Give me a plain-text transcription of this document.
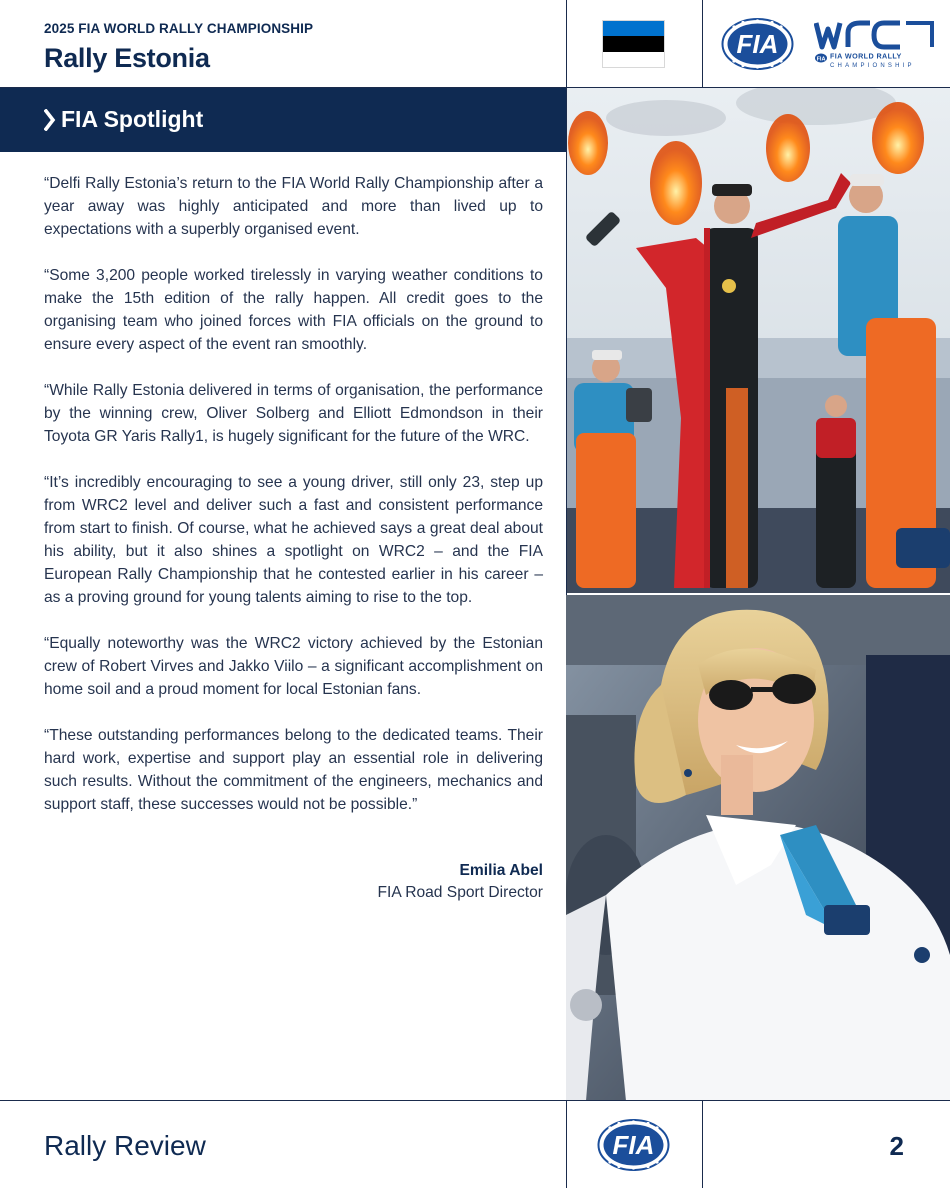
2025 FIA WORLD RALLY CHAMPIONSHIP
Rally Estonia	FIA
FIA FIA WORLD RALLY
CHAMPIONSHIP
FIA Spotlight

“Delfi Rally Estonia’s return to the FIA World Rally Championship after a year away was highly anticipated and more than lived up to expectations with a superbly organised event.

“Some 3,200 people worked tirelessly in varying weather conditions to make the 15th edition of the rally happen. All credit goes to the organising team who joined forces with FIA officials on the ground to ensure every aspect of the event ran smoothly.

“While Rally Estonia delivered in terms of organisation, the performance by the winning crew, Oliver Solberg and Elliott Edmondson in their Toyota GR Yaris Rally1, is hugely significant for the future of the WRC.

“It’s incredibly encouraging to see a young driver, still only 23, step up from WRC2 level and deliver such a fast and consistent performance from start to finish. Of course, what he achieved says a great deal about his ability, but it also shines a spotlight on WRC2 – and the FIA European Rally Championship that he contested earlier in his career – as a proving ground for young talents aiming to rise to the top.

“Equally noteworthy was the WRC2 victory achieved by the Estonian crew of Robert Virves and Jakko Viilo – a significant accomplishment on home soil and a proud moment for local Estonian fans.

“These outstanding performances belong to the dedicated teams. Their hard work, expertise and support play an essential role in delivering such results. Without the commitment of the engineers, mechanics and support staff, these successes would not be possible.”

Emilia Abel
FIA Road Sport Director
Rally Review	FIA	2
